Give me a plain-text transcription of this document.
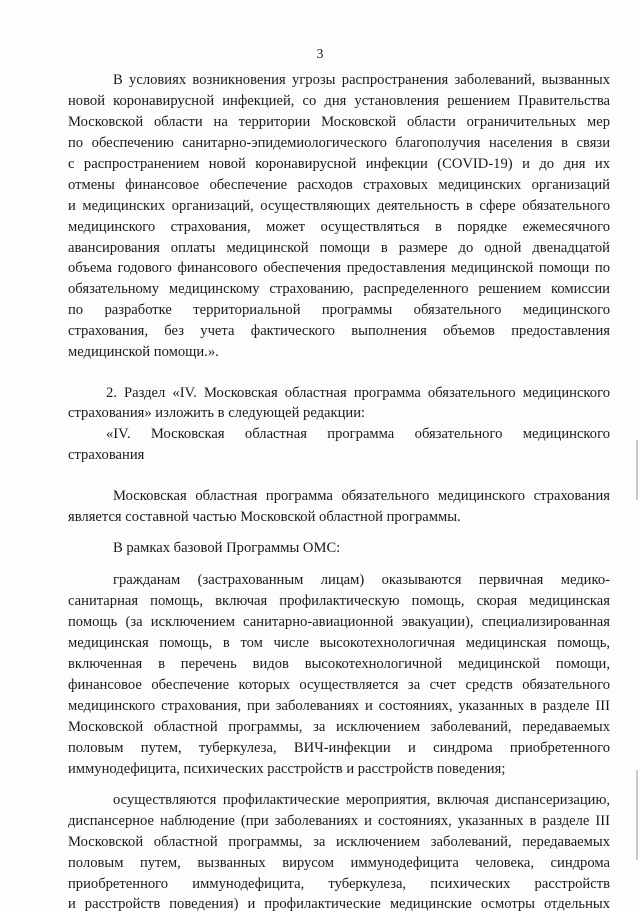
3
В условиях возникновения угрозы распространения заболеваний, вызванных
новой коронавирусной инфекцией, со дня установления решением Правительства
Московской области на территории Московской области ограничительных мер
по обеспечению санитарно-эпидемиологического благополучия населения в связи
с распространением новой коронавирусной инфекции (COVID-19) и до дня их
отмены финансовое обеспечение расходов страховых медицинских организаций
и медицинских организаций, осуществляющих деятельность в сфере обязательного
медицинского страхования, может осуществляться в порядке ежемесячного
авансирования оплаты медицинской помощи в размере до одной двенадцатой
объема годового финансового обеспечения предоставления медицинской помощи по
обязательному медицинскому страхованию, распределенного решением комиссии
по разработке территориальной программы обязательного медицинского
страхования, без учета фактического выполнения объемов предоставления
медицинской помощи.».
2. Раздел «IV. Московская областная программа обязательного медицинского
страхования» изложить в следующей редакции:
«IV. Московская областная программа обязательного медицинского
страхования
Московская областная программа обязательного медицинского страхования
является составной частью Московской областной программы.
В рамках базовой Программы ОМС:
гражданам (застрахованным лицам) оказываются первичная медико-
санитарная помощь, включая профилактическую помощь, скорая медицинская
помощь (за исключением санитарно-авиационной эвакуации), специализированная
медицинская помощь, в том числе высокотехнологичная медицинская помощь,
включенная в перечень видов высокотехнологичной медицинской помощи,
финансовое обеспечение которых осуществляется за счет средств обязательного
медицинского страхования, при заболеваниях и состояниях, указанных в разделе III
Московской областной программы, за исключением заболеваний, передаваемых
половым путем, туберкулеза, ВИЧ-инфекции и синдрома приобретенного
иммунодефицита, психических расстройств и расстройств поведения;
осуществляются профилактические мероприятия, включая диспансеризацию,
диспансерное наблюдение (при заболеваниях и состояниях, указанных в разделе III
Московской областной программы, за исключением заболеваний, передаваемых
половым путем, вызванных вирусом иммунодефицита человека, синдрома
приобретенного иммунодефицита, туберкулеза, психических расстройств
и расстройств поведения) и профилактические медицинские осмотры отдельных
